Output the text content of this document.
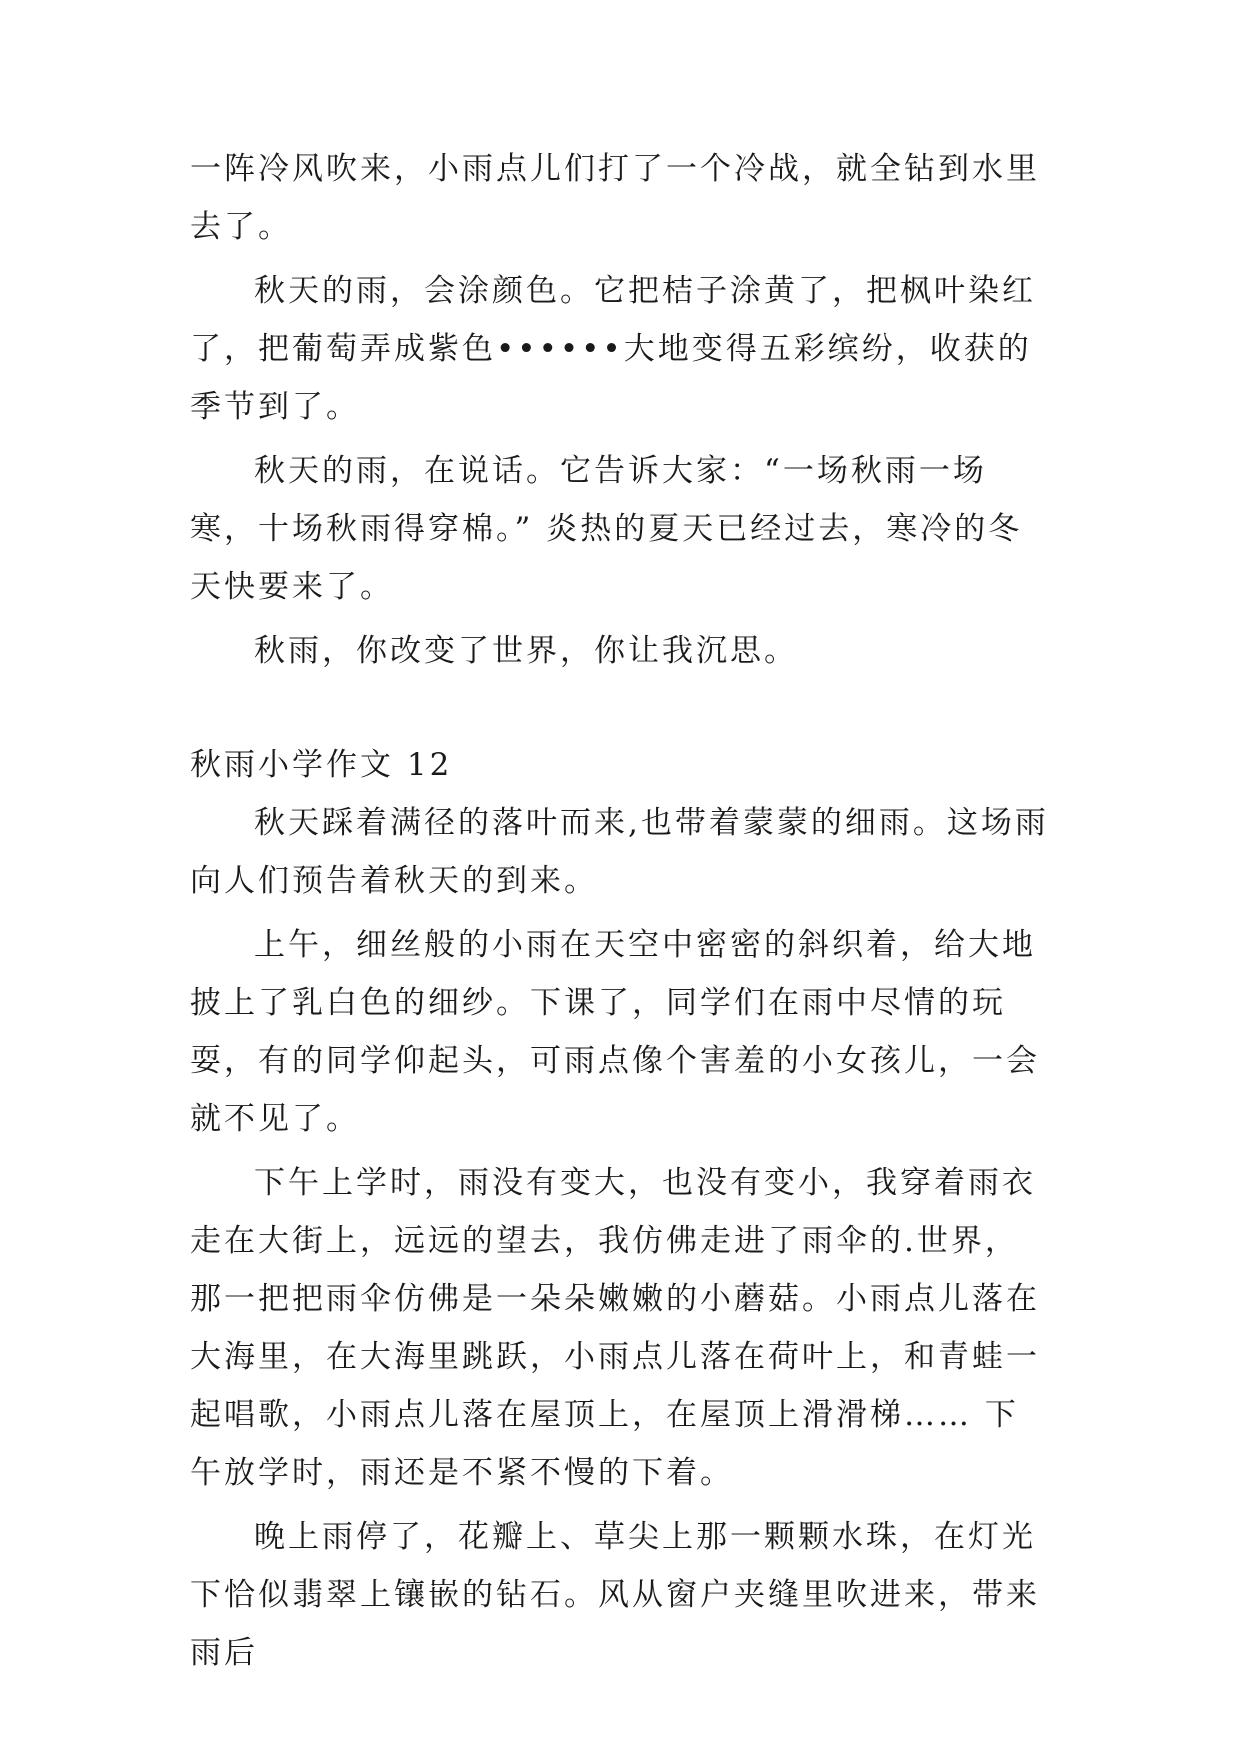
一阵冷风吹来，小雨点儿们打了一个冷战，就全钻到水里去了。

秋天的雨，会涂颜色。它把桔子涂黄了，把枫叶染红了，把葡萄弄成紫色••••••大地变得五彩缤纷，收获的季节到了。

秋天的雨，在说话。它告诉大家：“一场秋雨一场寒，十场秋雨得穿棉。” 炎热的夏天已经过去，寒冷的冬天快要来了。

秋雨，你改变了世界，你让我沉思。

秋雨小学作文 12

秋天踩着满径的落叶而来,也带着蒙蒙的细雨。这场雨向人们预告着秋天的到来。

上午，细丝般的小雨在天空中密密的斜织着，给大地披上了乳白色的细纱。下课了，同学们在雨中尽情的玩耍，有的同学仰起头，可雨点像个害羞的小女孩儿，一会就不见了。

下午上学时，雨没有变大，也没有变小，我穿着雨衣走在大街上，远远的望去，我仿佛走进了雨伞的.世界，那一把把雨伞仿佛是一朵朵嫩嫩的小蘑菇。小雨点儿落在大海里，在大海里跳跃，小雨点儿落在荷叶上，和青蛙一起唱歌，小雨点儿落在屋顶上，在屋顶上滑滑梯…… 下午放学时，雨还是不紧不慢的下着。

晚上雨停了，花瓣上、草尖上那一颗颗水珠，在灯光下恰似翡翠上镶嵌的钻石。风从窗户夹缝里吹进来，带来雨后
